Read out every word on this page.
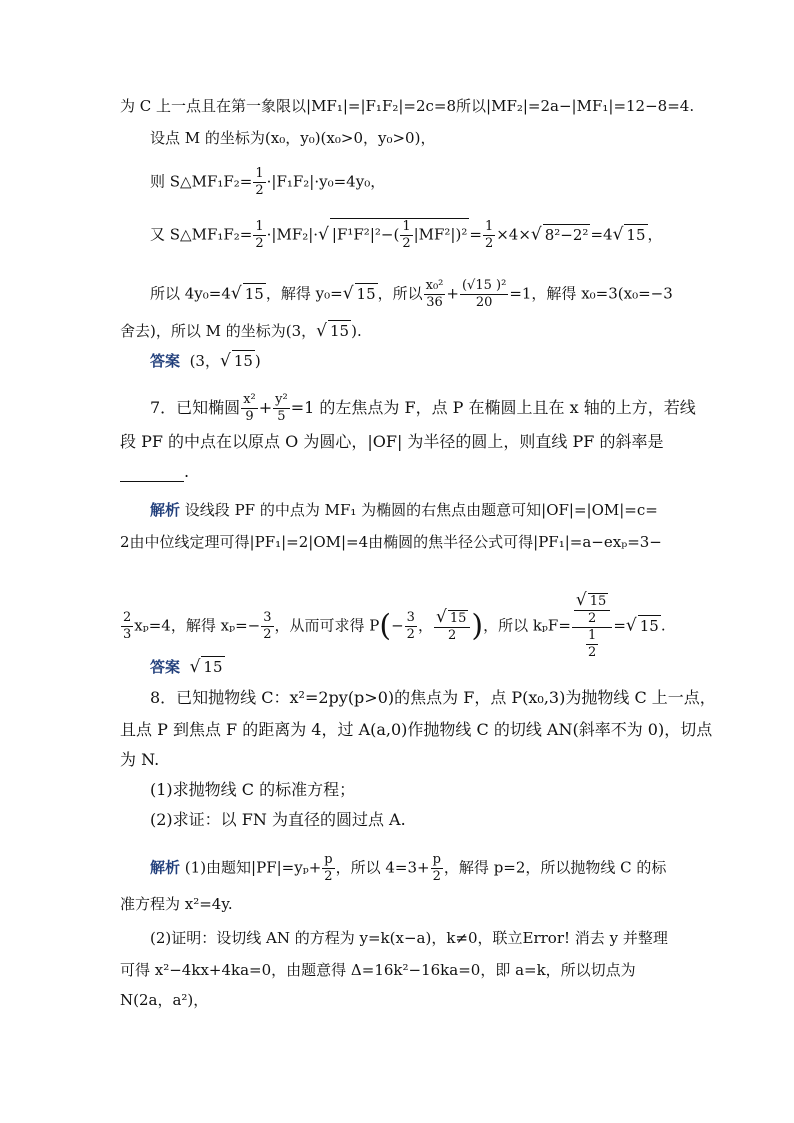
为 C 上一点且在第一象限以|MF₁|=|F₁F₂|=2c=8所以|MF₂|=2a−|MF₁|=12−8=4.
设点 M 的坐标为(x₀，y₀)(x₀>0，y₀>0)，
则 S△MF₁F₂= $\frac{1}{2} \cdot|F_1F_2|\cdot y_0=4y_0$，
又 S△MF₁F₂= $\frac{1}{2} \cdot|MF_2|\cdot√$ $|F^1F^2|^2-( \frac{1}{2} |MF^2|)^2 = \frac{1}{2} \times 4\times√$ 8²−2² =4√ 15 ，
所以 4y₀=4√ 15 ，解得 y₀=√ 15 ，所以 $\frac{\text{x₀²}}{36} + \frac{\text{(√15 )²}}{20} =1$，解得 x₀=3(x₀=−3
舍去)，所以 M 的坐标为(3，√ 15 ).
答案 (3，√ 15 )
7．已知椭圆 $\frac{\text{x²}}{9} + \frac{\text{y²}}{5} =1$ 的左焦点为 F，点 P 在椭圆上且在 x 轴的上方，若线
段 PF 的中点在以原点 O 为圆心，|OF| 为半径的圆上，则直线 PF 的斜率是
.
解析 设线段 PF 的中点为 MF₁ 为椭圆的右焦点由题意可知|OF|=|OM|=c=
2由中位线定理可得|PF₁|=2|OM|=4由椭圆的焦半径公式可得|PF₁|=a−exₚ=3−
$\frac{2}{3} x_p=4$，解得 $x_p=- \frac{3}{2}$ ，从而可求得 $P(- \frac{3}{2}$ ， $\frac{√ 15}{2}$ )，所以 $k_pF= \frac{\frac{√ 15}{2}}{\frac{1}{2}}$ =√ 15 .
答案 √ 15
8．已知抛物线 C：x²=2py(p>0)的焦点为 F，点 P(x₀,3)为抛物线 C 上一点，
且点 P 到焦点 F 的距离为 4，过 A(a,0)作抛物线 C 的切线 AN(斜率不为 0)，切点
为 N.
(1)求抛物线 C 的标准方程；
(2)求证：以 FN 为直径的圆过点 A.
解析 (1)由题知$|PF|=y_p+ \frac{p}{2}$ ，所以 $4=3+ \frac{p}{2}$ ，解得 p=2，所以抛物线 C 的标
准方程为 x²=4y.
(2)证明：设切线 AN 的方程为 y=k(x−a)，k≠0，联立Error! 消去 y 并整理
可得 x²−4kx+4ka=0，由题意得 Δ=16k²−16ka=0，即 a=k，所以切点为
N(2a，a²)，
